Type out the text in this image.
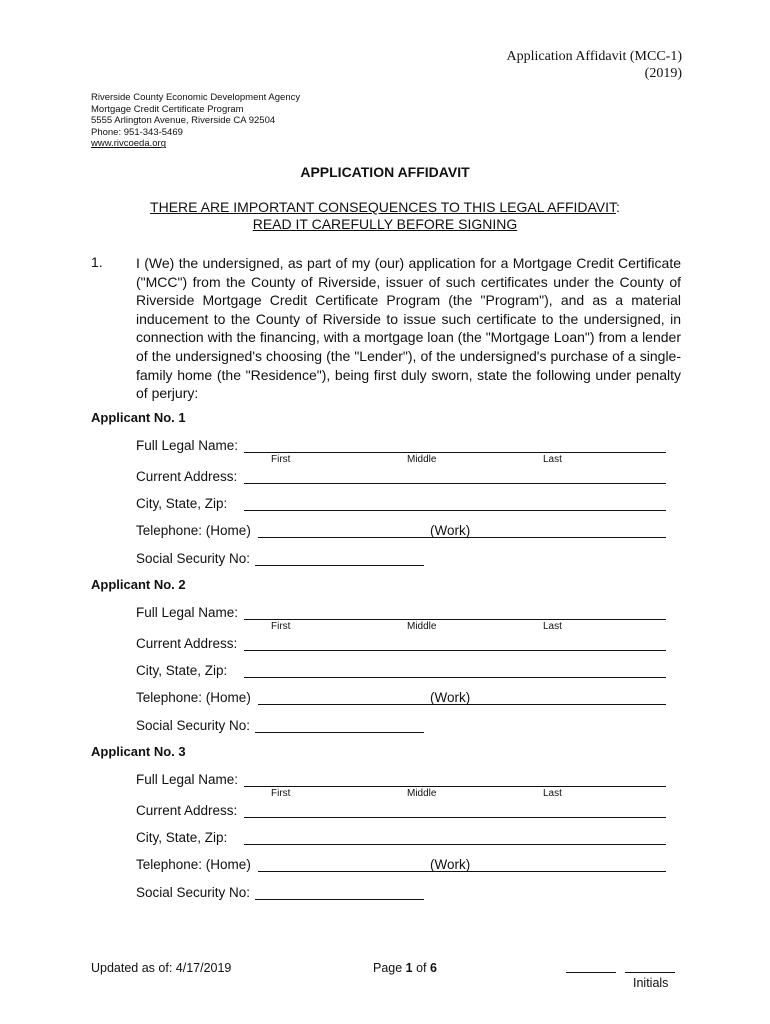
Application Affidavit (MCC-1)
(2019)
Riverside County Economic Development Agency
Mortgage Credit Certificate Program
5555 Arlington Avenue, Riverside CA 92504
Phone: 951-343-5469
www.rivcoeda.org
APPLICATION AFFIDAVIT
THERE ARE IMPORTANT CONSEQUENCES TO THIS LEGAL AFFIDAVIT:
READ IT CAREFULLY BEFORE SIGNING
1. I (We) the undersigned, as part of my (our) application for a Mortgage Credit Certificate ("MCC") from the County of Riverside, issuer of such certificates under the County of Riverside Mortgage Credit Certificate Program (the "Program"), and as a material inducement to the County of Riverside to issue such certificate to the undersigned, in connection with the financing, with a mortgage loan (the "Mortgage Loan") from a lender of the undersigned's choosing (the "Lender"), of the undersigned's purchase of a single-family home (the "Residence"), being first duly sworn, state the following under penalty of perjury:
Applicant No. 1
Full Legal Name:
First	Middle	Last
Current Address:
City, State, Zip:
Telephone: (Home)	(Work)
Social Security No:
Applicant No. 2
Full Legal Name:
First	Middle	Last
Current Address:
City, State, Zip:
Telephone: (Home)	(Work)
Social Security No:
Applicant No. 3
Full Legal Name:
First	Middle	Last
Current Address:
City, State, Zip:
Telephone: (Home)	(Work)
Social Security No:
Updated as of: 4/17/2019	Page 1 of 6
Initials
